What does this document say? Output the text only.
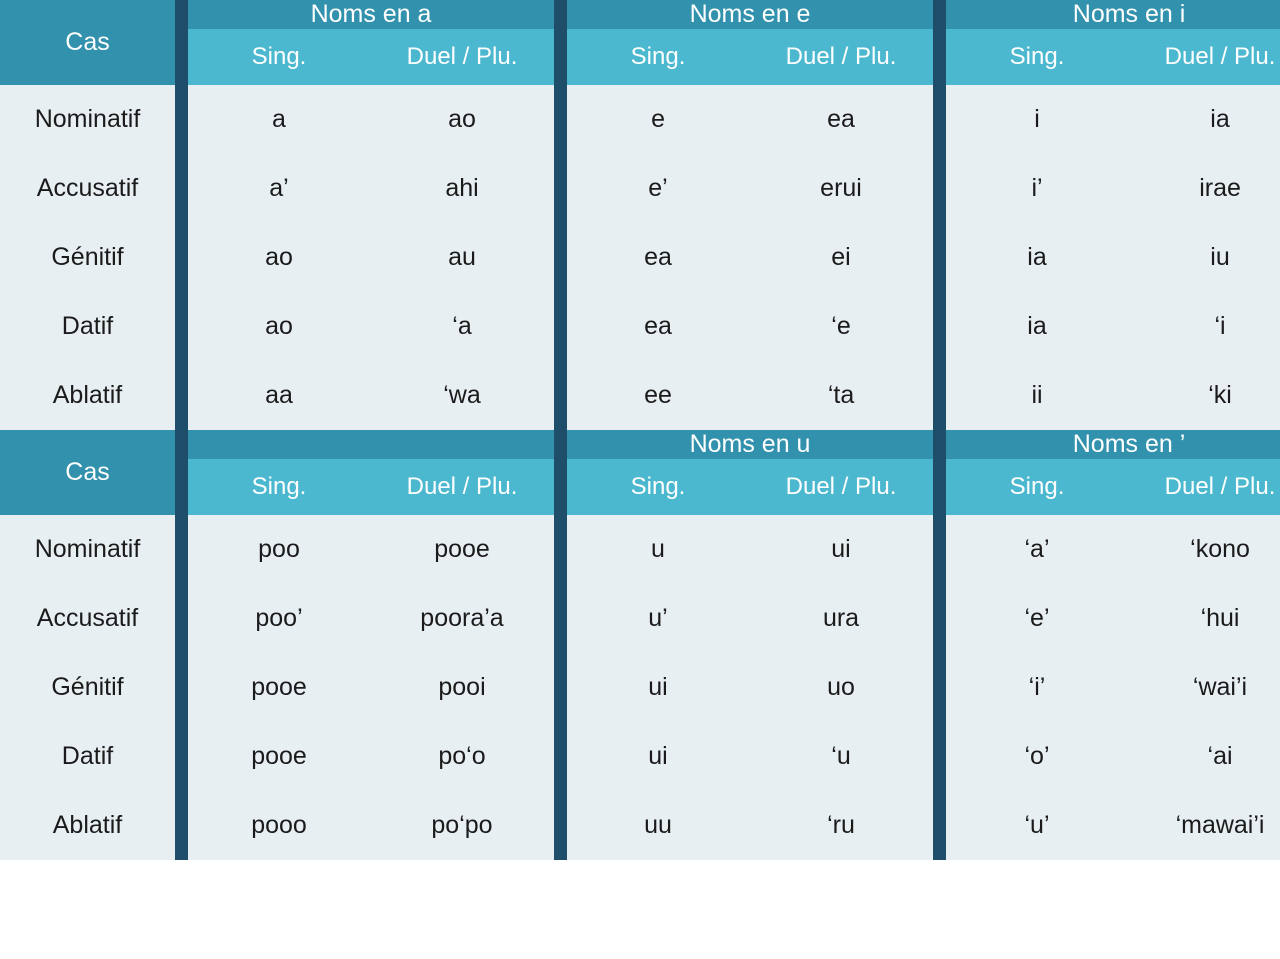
Cas		Noms en a			Noms en e			Noms en i	
		Sing.	Duel / Plu.		Sing.	Duel / Plu.		Sing.	Duel / Plu.
Nominatif		a	ao		e	ea		i	ia
Accusatif		a’	ahi		e’	erui		i’	irae
Génitif		ao	au		ea	ei		ia	iu
Datif		ao	‘a		ea	‘e		ia	‘i
Ablatif		aa	‘wa		ee	‘ta		ii	‘ki
Cas					Noms en u			Noms en ’	
		Sing.	Duel / Plu.		Sing.	Duel / Plu.		Sing.	Duel / Plu.
Nominatif		poo	pooe		u	ui		‘a’	‘kono
Accusatif		poo’	poora’a		u’	ura		‘e’	‘hui
Génitif		pooe	pooi		ui	uo		‘i’	‘wai’i
Datif		pooe	po‘o		ui	‘u		‘o’	‘ai
Ablatif		pooo	po‘po		uu	‘ru		‘u’	‘mawai’i
